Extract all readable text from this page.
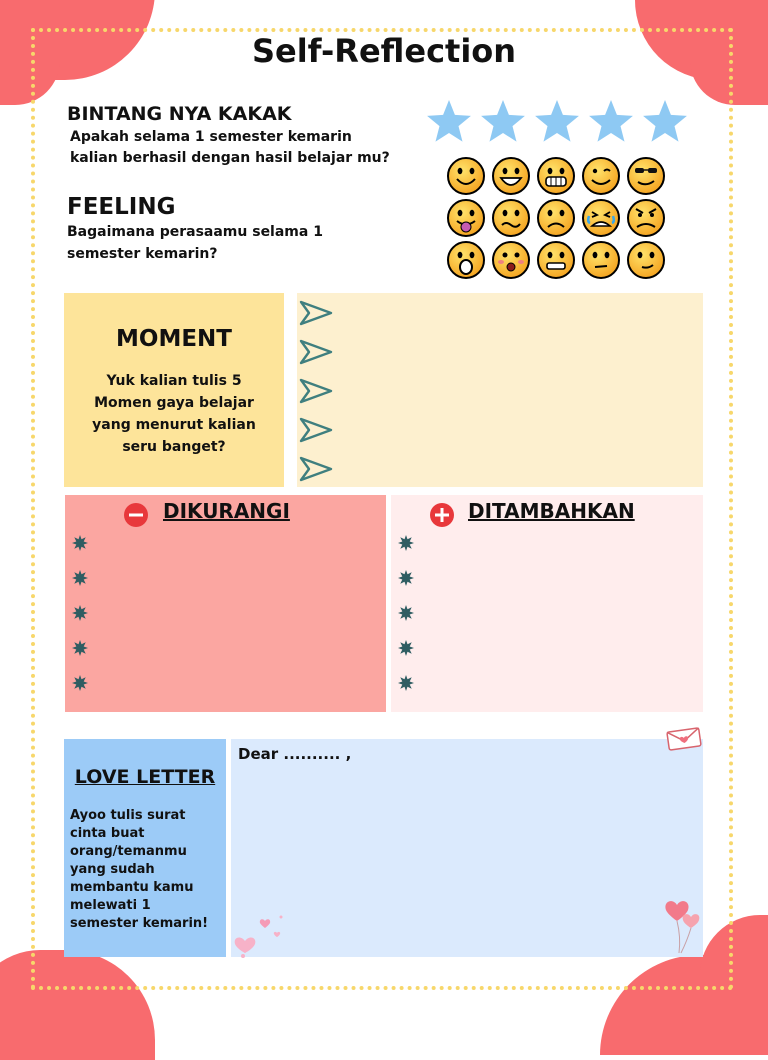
Self-Reflection
BINTANG NYA KAKAK
Apakah selama 1 semester kemarin
kalian berhasil dengan hasil belajar mu?
FEELING
Bagaimana perasaamu selama 1
semester kemarin?
MOMENT
Yuk kalian tulis 5
Momen gaya belajar
yang menurut kalian
seru banget?
DIKURANGI	DITAMBAHKAN
LOVE LETTER
Ayoo tulis surat
cinta buat
orang/temanmu
yang sudah
membantu kamu
melewati 1
semester kemarin!
Dear .......... ,
